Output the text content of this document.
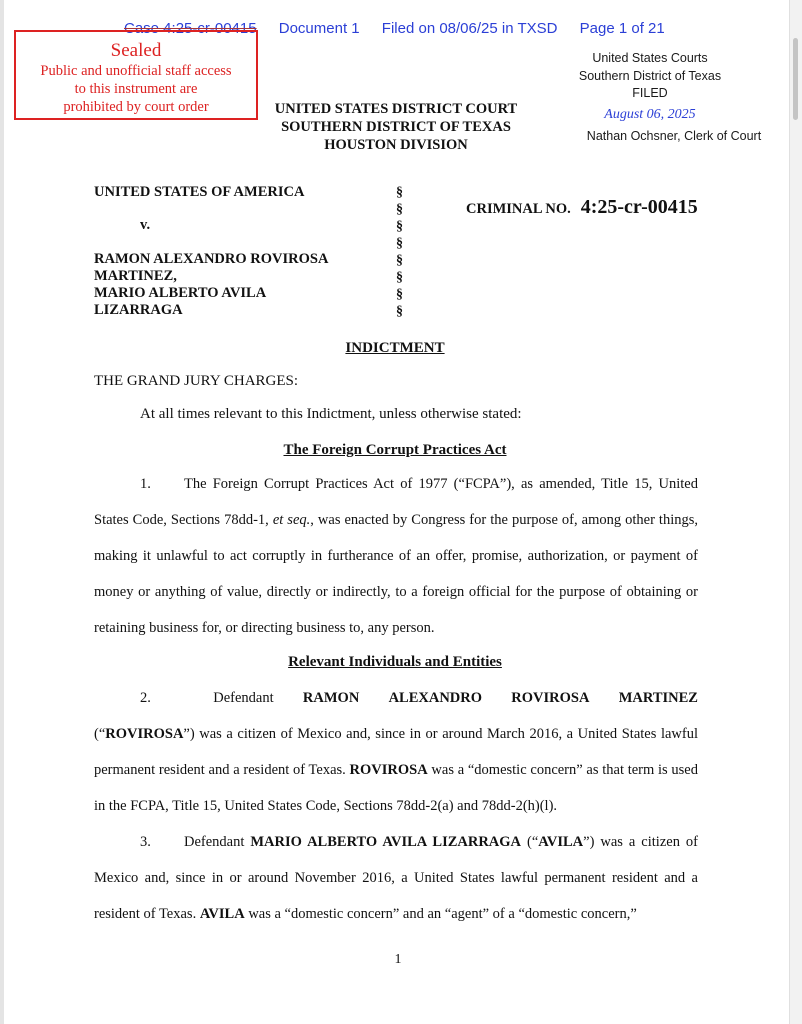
Case 4:25-cr-00415 Document 1 Filed on 08/06/25 in TXSD Page 1 of 21
Sealed
Public and unofficial staff access
to this instrument are
prohibited by court order
United States Courts
Southern District of Texas
FILED
August 06, 2025
Nathan Ochsner, Clerk of Court
UNITED STATES DISTRICT COURT
SOUTHERN DISTRICT OF TEXAS
HOUSTON DIVISION
UNITED STATES OF AMERICA
v.
RAMON ALEXANDRO ROVIROSA
MARTINEZ,
MARIO ALBERTO AVILA
LIZARRAGA
§
§
§
§
§
§
§
§
CRIMINAL NO. 4:25-cr-00415
INDICTMENT
THE GRAND JURY CHARGES:
At all times relevant to this Indictment, unless otherwise stated:
The Foreign Corrupt Practices Act
1. The Foreign Corrupt Practices Act of 1977 (“FCPA”), as amended, Title 15, United States Code, Sections 78dd-1, et seq., was enacted by Congress for the purpose of, among other things, making it unlawful to act corruptly in furtherance of an offer, promise, authorization, or payment of money or anything of value, directly or indirectly, to a foreign official for the purpose of obtaining or retaining business for, or directing business to, any person.
Relevant Individuals and Entities
2.	Defendant RAMON ALEXANDRO ROVIROSA MARTINEZ
(“ROVIROSA”) was a citizen of Mexico and, since in or around March 2016, a United States lawful permanent resident and a resident of Texas. ROVIROSA was a “domestic concern” as that term is used in the FCPA, Title 15, United States Code, Sections 78dd-2(a) and 78dd-2(h)(l).
3. Defendant MARIO ALBERTO AVILA LIZARRAGA (“AVILA”) was a citizen of Mexico and, since in or around November 2016, a United States lawful permanent resident and a resident of Texas. AVILA was a “domestic concern” and an “agent” of a “domestic concern,”
1
